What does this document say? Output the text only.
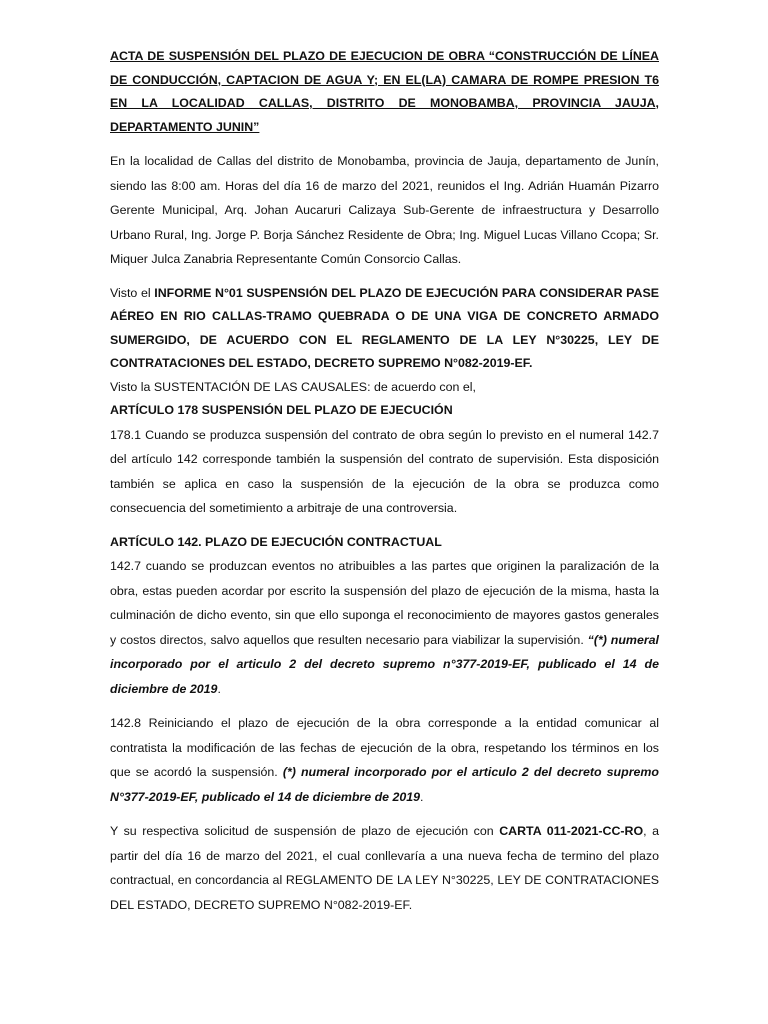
ACTA DE SUSPENSIÓN DEL PLAZO DE EJECUCION DE OBRA “CONSTRUCCIÓN DE LÍNEA DE CONDUCCIÓN, CAPTACION DE AGUA Y; EN EL(LA) CAMARA DE ROMPE PRESION T6 EN LA LOCALIDAD CALLAS, DISTRITO DE MONOBAMBA, PROVINCIA JAUJA, DEPARTAMENTO JUNIN”

En la localidad de Callas del distrito de Monobamba, provincia de Jauja, departamento de Junín, siendo las 8:00 am. Horas del día 16 de marzo del 2021, reunidos el Ing. Adrián Huamán Pizarro Gerente Municipal, Arq. Johan Aucaruri Calizaya Sub-Gerente de infraestructura y Desarrollo Urbano Rural, Ing. Jorge P. Borja Sánchez Residente de Obra; Ing. Miguel Lucas Villano Ccopa; Sr. Miquer Julca Zanabria Representante Común Consorcio Callas.

Visto el INFORME N°01 SUSPENSIÓN DEL PLAZO DE EJECUCIÓN PARA CONSIDERAR PASE AÉREO EN RIO CALLAS-TRAMO QUEBRADA O DE UNA VIGA DE CONCRETO ARMADO SUMERGIDO, DE ACUERDO CON EL REGLAMENTO DE LA LEY N°30225, LEY DE CONTRATACIONES DEL ESTADO, DECRETO SUPREMO N°082-2019-EF.

Visto la SUSTENTACIÓN DE LAS CAUSALES: de acuerdo con el,

ARTÍCULO 178 SUSPENSIÓN DEL PLAZO DE EJECUCIÓN

178.1 Cuando se produzca suspensión del contrato de obra según lo previsto en el numeral 142.7 del artículo 142 corresponde también la suspensión del contrato de supervisión. Esta disposición también se aplica en caso la suspensión de la ejecución de la obra se produzca como consecuencia del sometimiento a arbitraje de una controversia.

ARTÍCULO 142. PLAZO DE EJECUCIÓN CONTRACTUAL

142.7 cuando se produzcan eventos no atribuibles a las partes que originen la paralización de la obra, estas pueden acordar por escrito la suspensión del plazo de ejecución de la misma, hasta la culminación de dicho evento, sin que ello suponga el reconocimiento de mayores gastos generales y costos directos, salvo aquellos que resulten necesario para viabilizar la supervisión. “(*) numeral incorporado por el articulo 2 del decreto supremo n°377-2019-EF, publicado el 14 de diciembre de 2019.

142.8 Reiniciando el plazo de ejecución de la obra corresponde a la entidad comunicar al contratista la modificación de las fechas de ejecución de la obra, respetando los términos en los que se acordó la suspensión. (*) numeral incorporado por el articulo 2 del decreto supremo N°377-2019-EF, publicado el 14 de diciembre de 2019.

Y su respectiva solicitud de suspensión de plazo de ejecución con CARTA 011-2021-CC-RO, a partir del día 16 de marzo del 2021, el cual conllevaría a una nueva fecha de termino del plazo contractual, en concordancia al REGLAMENTO DE LA LEY N°30225, LEY DE CONTRATACIONES DEL ESTADO, DECRETO SUPREMO N°082-2019-EF.
